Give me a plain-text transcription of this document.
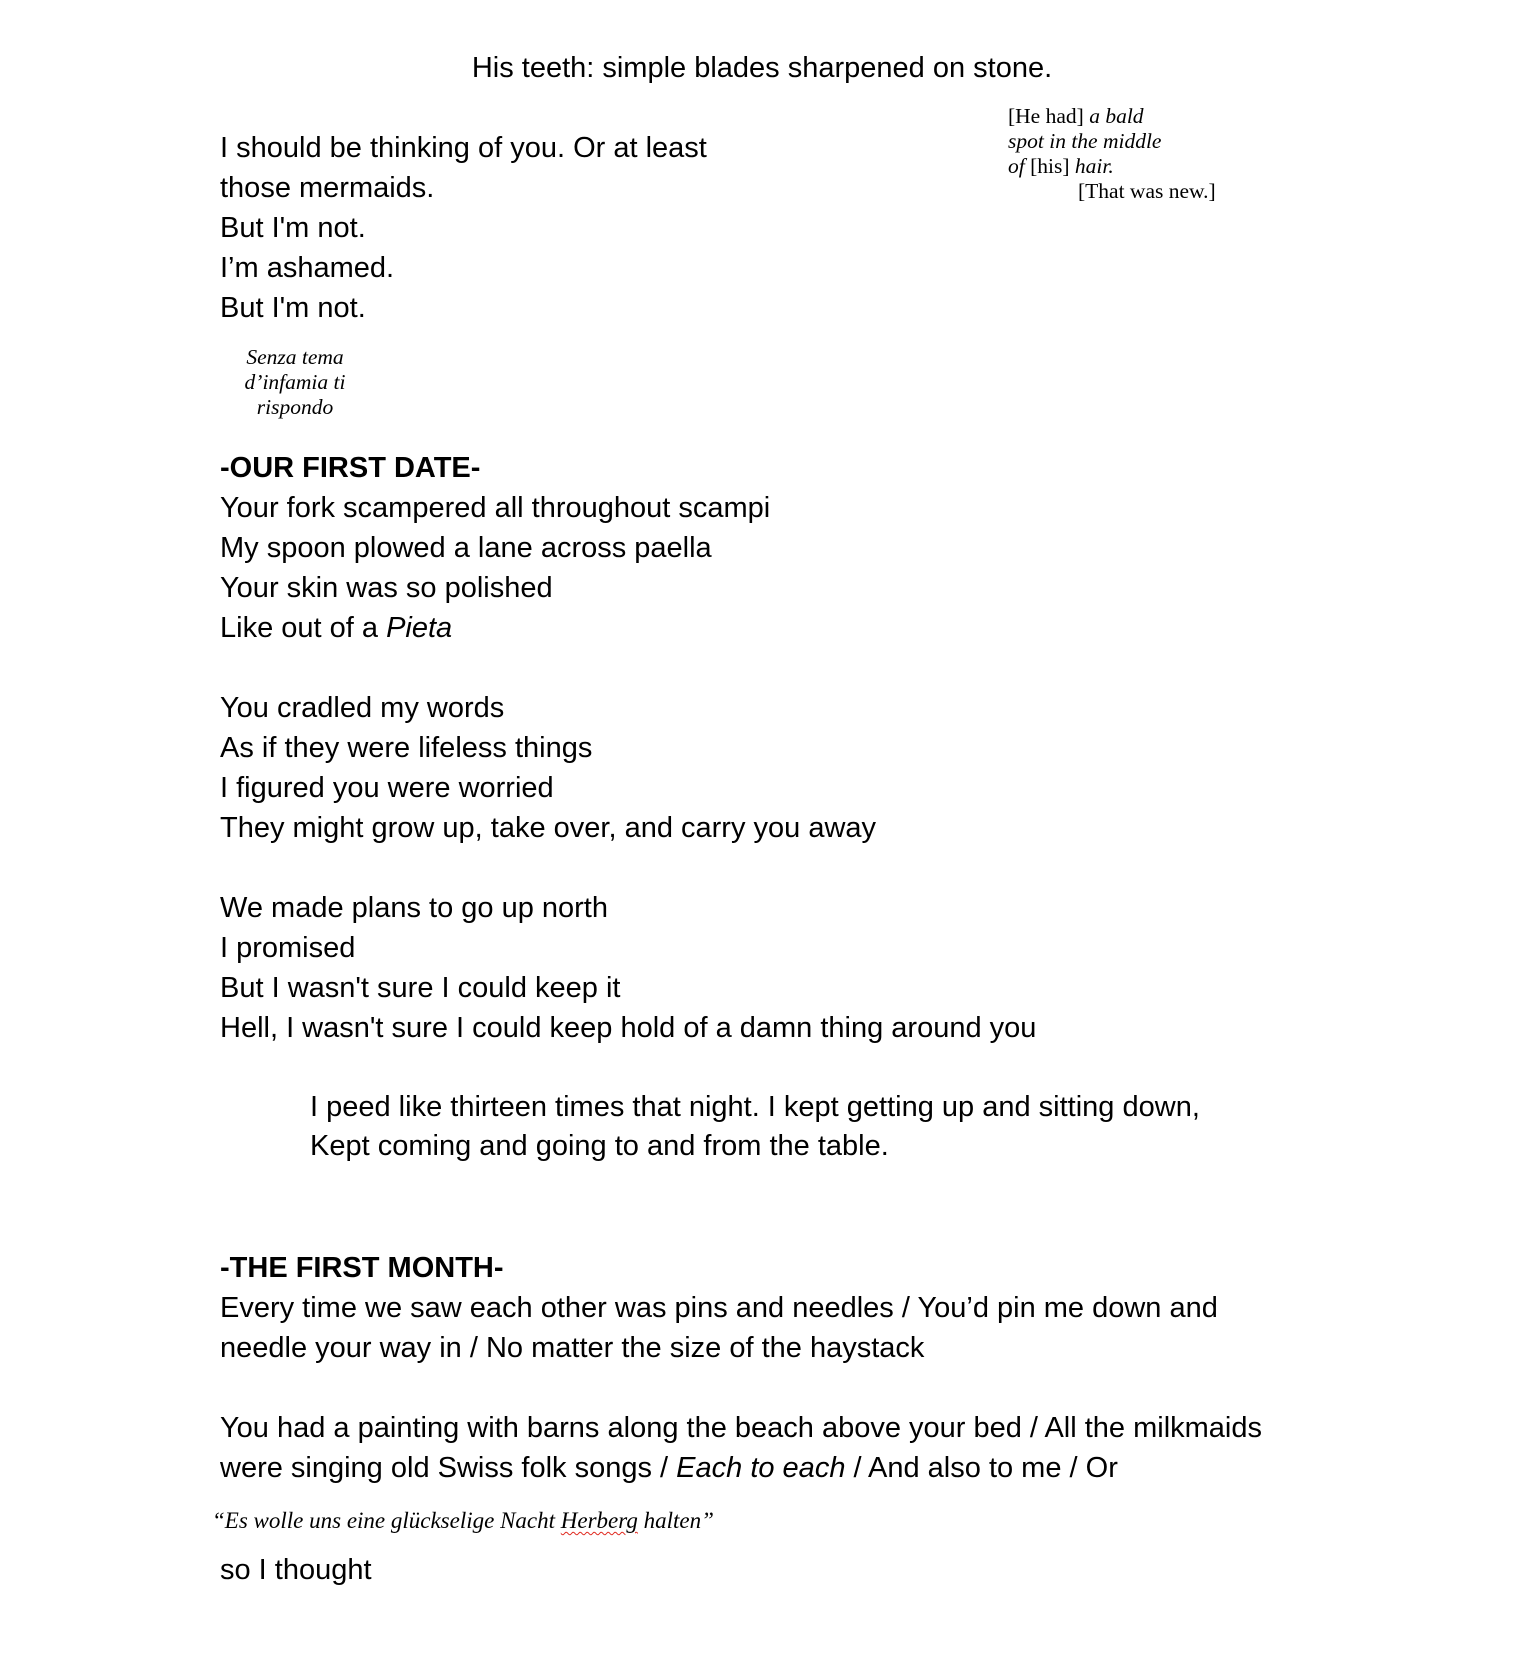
His teeth: simple blades sharpened on stone.
[He had] a bald
spot in the middle
of [his] hair.
[That was new.]
I should be thinking of you. Or at least
those mermaids.
But I'm not.
I’m ashamed.
But I'm not.
Senza tema
d’infamia ti
rispondo
-OUR FIRST DATE-
Your fork scampered all throughout scampi
My spoon plowed a lane across paella
Your skin was so polished
Like out of a Pieta

You cradled my words
As if they were lifeless things
I figured you were worried
They might grow up, take over, and carry you away

We made plans to go up north
I promised
But I wasn't sure I could keep it
Hell, I wasn't sure I could keep hold of a damn thing around you
I peed like thirteen times that night. I kept getting up and sitting down,
Kept coming and going to and from the table.
-THE FIRST MONTH-
Every time we saw each other was pins and needles / You’d pin me down and
needle your way in / No matter the size of the haystack

You had a painting with barns along the beach above your bed / All the milkmaids
were singing old Swiss folk songs / Each to each / And also to me / Or
“Es wolle uns eine glückselige Nacht Herberg halten”
so I thought
